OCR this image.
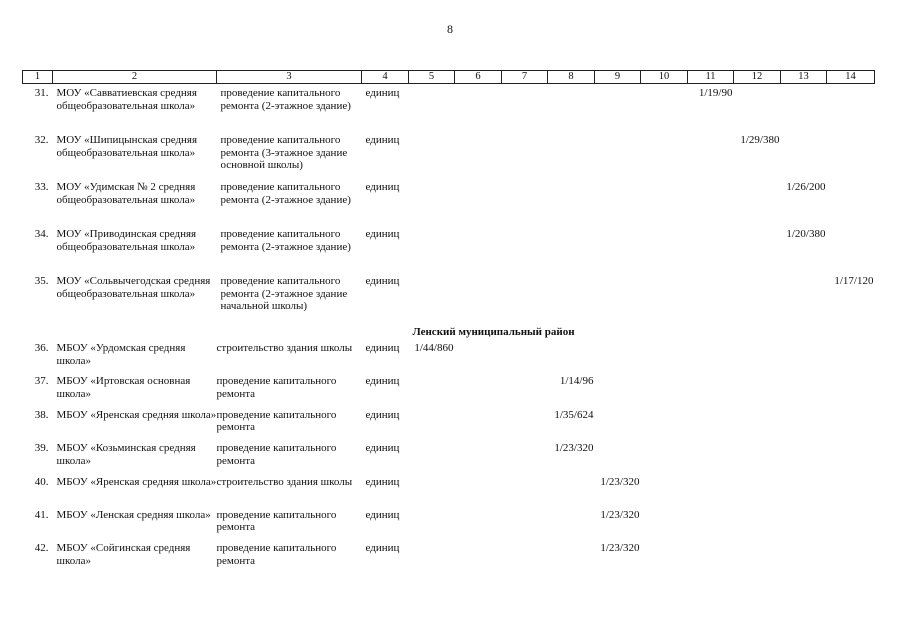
8
1	2	3	4	5	6	7	8	9	10	11	12	13	14

31.	МОУ «Савватиевская средняя общеобразовательная школа»	проведение капитального ремонта (2-этажное здание)	единиц							1/19/90			
32.	МОУ «Шипицынская средняя общеобразовательная школа»	проведение капитального ремонта (3-этажное здание основной школы)	единиц								1/29/380		
33.	МОУ «Удимская № 2 средняя общеобразовательная школа»	проведение капитального ремонта (2-этажное здание)	единиц									1/26/200	
34.	МОУ «Приводинская средняя общеобразовательная школа»	проведение капитального ремонта (2-этажное здание)	единиц									1/20/380	
35.	МОУ «Сольвычегодская средняя общеобразовательная школа»	проведение капитального ремонта (2-этажное здание начальной школы)	единиц										1/17/120
Ленский муниципальный район													
36.	МБОУ «Урдомская средняя школа»	строительство здания школы	единиц	1/44/860									
37.	МБОУ «Иртовская основная школа»	проведение капитального ремонта	единиц				1/14/96						
38.	МБОУ «Яренская средняя школа»	проведение капитального ремонта	единиц				1/35/624						
39.	МБОУ «Козьминская средняя школа»	проведение капитального ремонта	единиц				1/23/320						
40.	МБОУ «Яренская средняя школа»	строительство здания школы	единиц					1/23/320					
41.	МБОУ «Ленская средняя школа»	проведение капитального ремонта	единиц					1/23/320					
42.	МБОУ «Сойгинская средняя школа»	проведение капитального ремонта	единиц					1/23/320					
